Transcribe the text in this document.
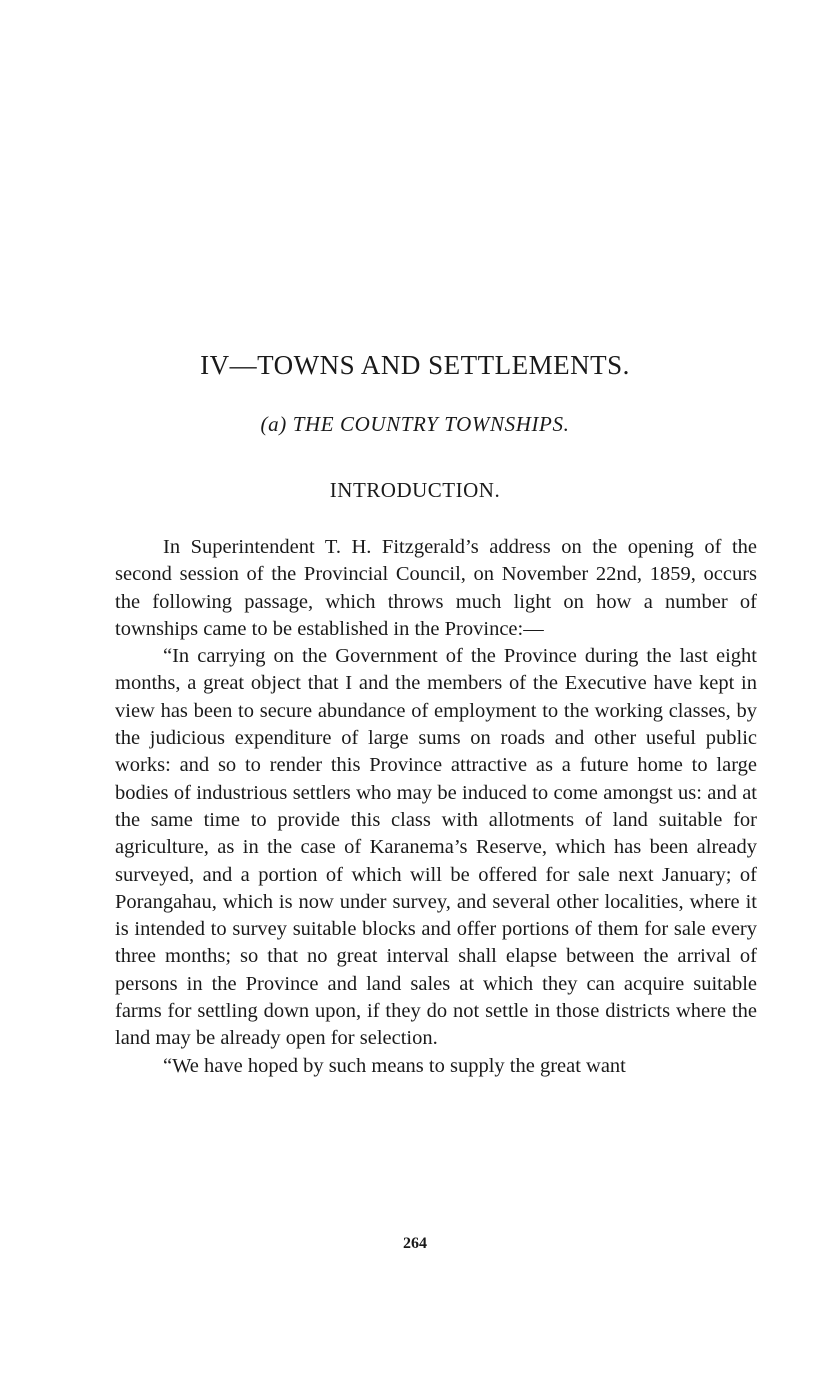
IV—TOWNS AND SETTLEMENTS.
(a) THE COUNTRY TOWNSHIPS.
INTRODUCTION.

In Superintendent T. H. Fitzgerald’s address on the opening of the second session of the Provincial Council, on November 22nd, 1859, occurs the following passage, which throws much light on how a number of townships came to be established in the Province:—

“In carrying on the Government of the Province during the last eight months, a great object that I and the members of the Executive have kept in view has been to secure abundance of employment to the working classes, by the judicious expenditure of large sums on roads and other useful public works: and so to render this Province attractive as a future home to large bodies of industrious settlers who may be induced to come amongst us: and at the same time to provide this class with allotments of land suitable for agriculture, as in the case of Karanema’s Reserve, which has been already surveyed, and a portion of which will be offered for sale next January; of Porangahau, which is now under survey, and several other localities, where it is intended to survey suitable blocks and offer portions of them for sale every three months; so that no great interval shall elapse between the arrival of persons in the Province and land sales at which they can acquire suitable farms for settling down upon, if they do not settle in those districts where the land may be already open for selection.

“We have hoped by such means to supply the great want

264
